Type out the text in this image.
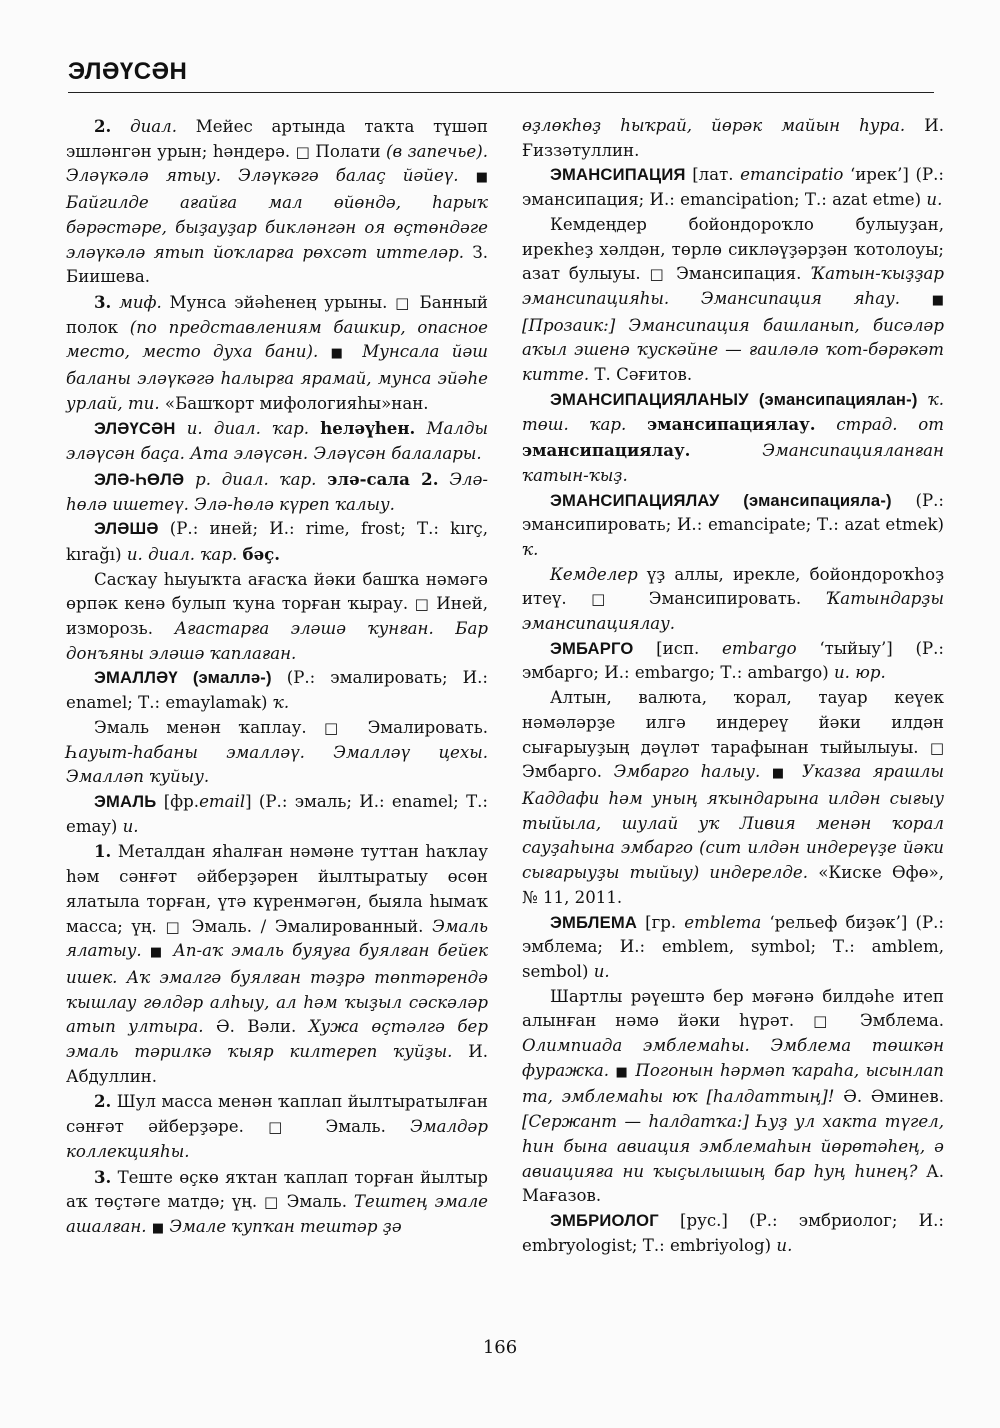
ЭЛӘҮСӘН

2. диал. Мейес артында таҡта түшәп эшләнгән урын; һәндерә. □ Полати (в запечье). Эләүкәлә ятыу. Эләүкәгә балаҫ йәйеү. ■ Байгилде ағайға мал өйөндә, һарыҡ бәрәстәре, быҙауҙар бикләнгән оя өҫтөндәге эләүкәлә ятып йоҡларға рөхсәт иттеләр. З. Биишева.

3. миф. Мунса эйәһенең урыны. □ Банный полок (по представлениям башкир, опасное место, место духа бани). ■ Мунсала йәш баланы эләүкәгә һалырға ярамай, мунса эйәһе урлай, ти. «Башҡорт мифологияһы»нан.

ЭЛӘҮСӘН и. диал. ҡар. һеләүһен. Малды эләүсән баҫа. Ата эләүсән. Эләүсән балалары.

ЭЛӘ-ҺӨЛӘ р. диал. ҡар. элә-сала 2. Элә-һөлә ишетеү. Элә-һөлә күреп ҡалыу.

ЭЛӘШӘ (Р.: иней; И.: rime, frost; Т.: kırç, kırağı) и. диал. ҡар. бәҫ.

Сасҡау һыуыҡта ағасҡа йәки башҡа нәмәгә өрпәк кенә булып ҡуна торған ҡырау. □ Иней, изморозь. Ағастарға эләшә ҡунған. Бар донъяны эләшә ҡаплаған.

ЭМАЛЛӘҮ (эмаллә-) (Р.: эмалировать; И.: enamel; Т.: emaylamak) ҡ.

Эмаль менән ҡаплау. □ Эмалировать. Һауыт-һабаны эмалләү. Эмалләү цехы. Эмалләп ҡуйыу.

ЭМАЛЬ [фр.email] (Р.: эмаль; И.: enamel; Т.: emay) и.

1. Металдан яһалған нәмәне туттан һаҡлау һәм сәнғәт әйберҙәрен йылтыратыу өсөн ялатыла торған, үтә күренмәгән, быяла һымаҡ масса; үң. □ Эмаль. / Эмалированный. Эмаль ялатыу. ■ Ап-аҡ эмаль буяуға буялған бейек ишек. Аҡ эмалгә буялған тәҙрә төптәрендә ҡышлау гөлдәр алһыу, ал һәм ҡыҙыл сәскәләр атып ултыра. Ә. Вәли. Хужа өҫтәлгә бер эмаль тәрилкә ҡыяр килтереп ҡуйҙы. И. Абдуллин.

2. Шул масса менән ҡаплап йылтыратылған сәнғәт әйберҙәре. □ Эмаль. Эмалдәр коллекцияһы.

3. Теште өҫкө яҡтан ҡаплап торған йылтыр аҡ төҫтәге матдә; үң. □ Эмаль. Тештең эмале ашалған. ■ Эмале ҡупҡан тештәр ҙә

өҙлөкһөҙ һыҡрай, йөрәк майын һура. И. Ғиззәтуллин.

ЭМАНСИПАЦИЯ [лат. emancipatio ‘ирек’] (Р.: эмансипация; И.: emancipation; Т.: azat etme) и.

Кемдеңдер бойондороҡло булыуҙан, ирекһеҙ хәлдән, төрлө сикләүҙәрҙән ҡотолоуы; азат булыуы. □ Эмансипация. Ҡатын-ҡыҙҙар эмансипацияһы. Эмансипация яһау. ■ [Прозаик:] Эмансипация башланып, бисәләр аҡыл эшенә ҡускәйне — ғаиләлә ҡот-бәрәкәт китте. Т. Сәғитов.

ЭМАНСИПАЦИЯЛАНЫУ (эмансипациялан-) ҡ. төш. ҡар. эмансипациялау. страд. от эмансипациялау.	Эмансипацияланған ҡатын-ҡыҙ.

ЭМАНСИПАЦИЯЛАУ (эмансипациялa-) (Р.: эмансипировать; И.: emancipate; Т.: azat etmek) ҡ.

Кемделер үҙ аллы, ирекле, бойондороҡһоҙ итеү. □ Эмансипировать. Ҡатындарҙы эмансипациялау.

ЭМБАРГО [исп. embargo ‘тыйыу’] (Р.: эмбарго; И.: embargo; Т.: ambargo) и. юр.

Алтын, валюта, ҡорал, тауар кеүек нәмәләрҙе илгә индереү йәки илдән сығарыуҙың дәүләт тарафынан тыйылыуы. □ Эмбарго. Эмбарго һалыу. ■ Указға ярашлы Каддафи һәм уның яҡындарына илдән сығыу тыйыла, шулай уҡ Ливия менән ҡорал сауҙаһына эмбарго (сит илдән индереүҙе йәки сығарыуҙы тыйыу) индерелде. «Киске Өфө», № 11, 2011.

ЭМБЛЕМА [гр. emblema ‘рельеф биҙәк’] (Р.: эмблема; И.: emblem, symbol; Т.: amblem, sembol) и.

Шартлы рәүештә бер мәғәнә билдәһе итеп алынған нәмә йәки һүрәт. □ Эмблема. Олимпиада эмблемаһы. Эмблема төшкән фуражка. ■ Погонын һәрмәп ҡараһа, ысынлап та, эмблемаһы юҡ [һалдаттың]! Ә. Әминев. [Сержант — һалдатҡа:] Һуҙ ул хакта түгел, һин бына авиация эмблемаһын йөрөтәһең, ә авиацияға ни ҡыҫылышың бар һуң һинең? А. Мағазов.

ЭМБРИОЛОГ [рус.] (Р.: эмбриолог; И.: embryologist; Т.: embriyolog) и.

166
